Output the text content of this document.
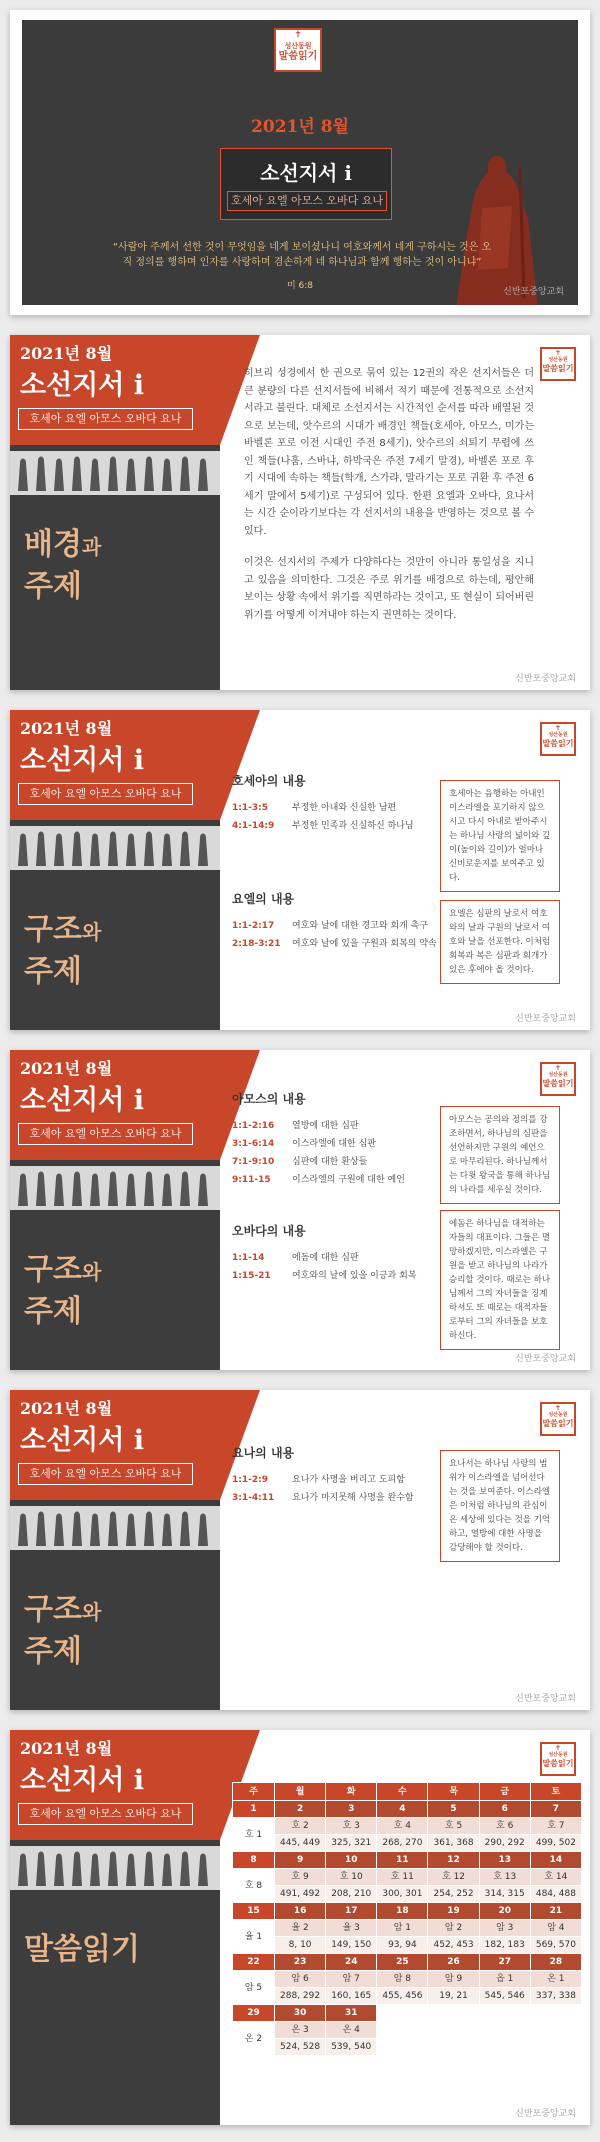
✝
성산동원
말씀읽기
2021년 8월
소선지서 i
호세아 요엘 아모스 오바다 요나
“사람아 주께서 선한 것이 무엇임을 네게 보이셨나니 여호와께서 네게 구하시는 것은 오직 정의를 행하며 인자를 사랑하며 겸손하게 네 하나님과 함께 행하는 것이 아니냐”
미 6:8
신반포중앙교회
2021년 8월
소선지서 i
호세아 요엘 아모스 오바다 요나
배경과
주제
✝
성산동원
말씀읽기

히브리 성경에서 한 권으로 묶여 있는 12권의 작은 선지서들은 더 큰 분량의 다른 선지서들에 비해서 적기 때문에 전통적으로 소선지서라고 불린다. 대체로 소선지서는 시간적인 순서를 따라 배열된 것으로 보는데, 앗수르의 시대가 배경인 책들(호세아, 아모스, 미가는 바벨론 포로 이전 시대인 주전 8세기), 앗수르의 쇠퇴기 무렵에 쓰인 책들(나훔, 스바냐, 하박국은 주전 7세기 말경), 바벨론 포로 후기 시대에 속하는 책들(학개, 스가랴, 말라기는 포로 귀환 후 주전 6세기 말에서 5세기)로 구성되어 있다. 한편 요엘과 오바댜, 요나서는 시간 순이라기보다는 각 선지서의 내용을 반영하는 것으로 볼 수 있다.

이것은 선지서의 주제가 다양하다는 것만이 아니라 통일성을 지니고 있음을 의미한다. 그것은 주로 위기를 배경으로 하는데, 평안해 보이는 상황 속에서 위기를 직면하라는 것이고, 또 현실이 되어버린 위기를 어떻게 이겨내야 하는지 권면하는 것이다.

신반포중앙교회
2021년 8월
소선지서 i
호세아 요엘 아모스 오바다 요나
구조와
주제
✝
성산동원
말씀읽기
호세아의 내용
1:1-3:5	부정한 아내와 신실한 남편
4:1-14:9	부정한 민족과 신실하신 하나님
호세아는 음행하는 아내인 이스라엘을 포기하지 않으시고 다시 아내로 받아주시는 하나님 사랑의 넓이와 깊이(높이와 길이)가 얼마나 신비로운지를 보여주고 있다.
요엘의 내용
1:1-2:17	여호와 날에 대한 경고와 회개 촉구
2:18-3:21	여호와 날에 있을 구원과 회복의 약속
요엘은 심판의 날로서 여호와의 날과 구원의 날로서 여호와 날을 선포한다. 이처럼 회복과 복은 심판과 회개가 있은 후에야 올 것이다.
신반포중앙교회
2021년 8월
소선지서 i
호세아 요엘 아모스 오바다 요나
구조와
주제
✝
성산동원
말씀읽기
아모스의 내용
1:1-2:16	열방에 대한 심판
3:1-6:14	이스라엘에 대한 심판
7:1-9:10	심판에 대한 환상들
9:11-15	이스라엘의 구원에 대한 예언
아모스는 공의와 정의를 강조하면서, 하나님의 심판을 선언하지만 구원의 예언으로 마무리된다. 하나님께서는 다윗 왕국을 통해 하나님의 나라를 세우실 것이다.
오바다의 내용
1:1-14	에돔에 대한 심판
1:15-21	여호와의 날에 있을 이긍과 회복
에돔은 하나님을 대적하는 자들의 대표이다. 그들은 멸망하겠지만, 이스라엘은 구원을 받고 하나님의 나라가 승리할 것이다. 때로는 하나님께서 그의 자녀들을 징계 하셔도 또 때로는 대적자들로부터 그의 자녀들을 보호하신다.
신반포중앙교회
2021년 8월
소선지서 i
호세아 요엘 아모스 오바다 요나
구조와
주제
✝
성산동원
말씀읽기
요나의 내용
1:1-2:9	요나가 사명을 버리고 도피함
3:1-4:11	요나가 마지못해 사명을 완수함
요나서는 하나님 사랑의 범위가 이스라엘을 넘어선다는 것을 보여준다. 이스라엘은 이처럼 하나님의 관심이 온 세상에 있다는 것을 기억하고, 열방에 대한 사명을 감당해야 할 것이다.
신반포중앙교회
2021년 8월
소선지서 i
호세아 요엘 아모스 오바다 요나
말씀읽기
✝
성산동원
말씀읽기
주	월	화	수	목	금	토
1	2	3	4	5	6	7
호 1	호 2	호 3	호 4	호 5	호 6	호 7
	445, 449	325, 321	268, 270	361, 368	290, 292	499, 502
8	9	10	11	12	13	14
호 8	호 9	호 10	호 11	호 12	호 13	호 14
	491, 492	208, 210	300, 301	254, 252	314, 315	484, 488
15	16	17	18	19	20	21
율 1	율 2	율 3	암 1	암 2	암 3	암 4
	8, 10	149, 150	93, 94	452, 453	182, 183	569, 570
22	23	24	25	26	27	28
암 5	암 6	암 7	암 8	암 9	옵 1	온 1
	288, 292	160, 165	455, 456	19, 21	545, 546	337, 338
29	30	31				
온 2	온 3	온 4				
	524, 528	539, 540				
신반포중앙교회
